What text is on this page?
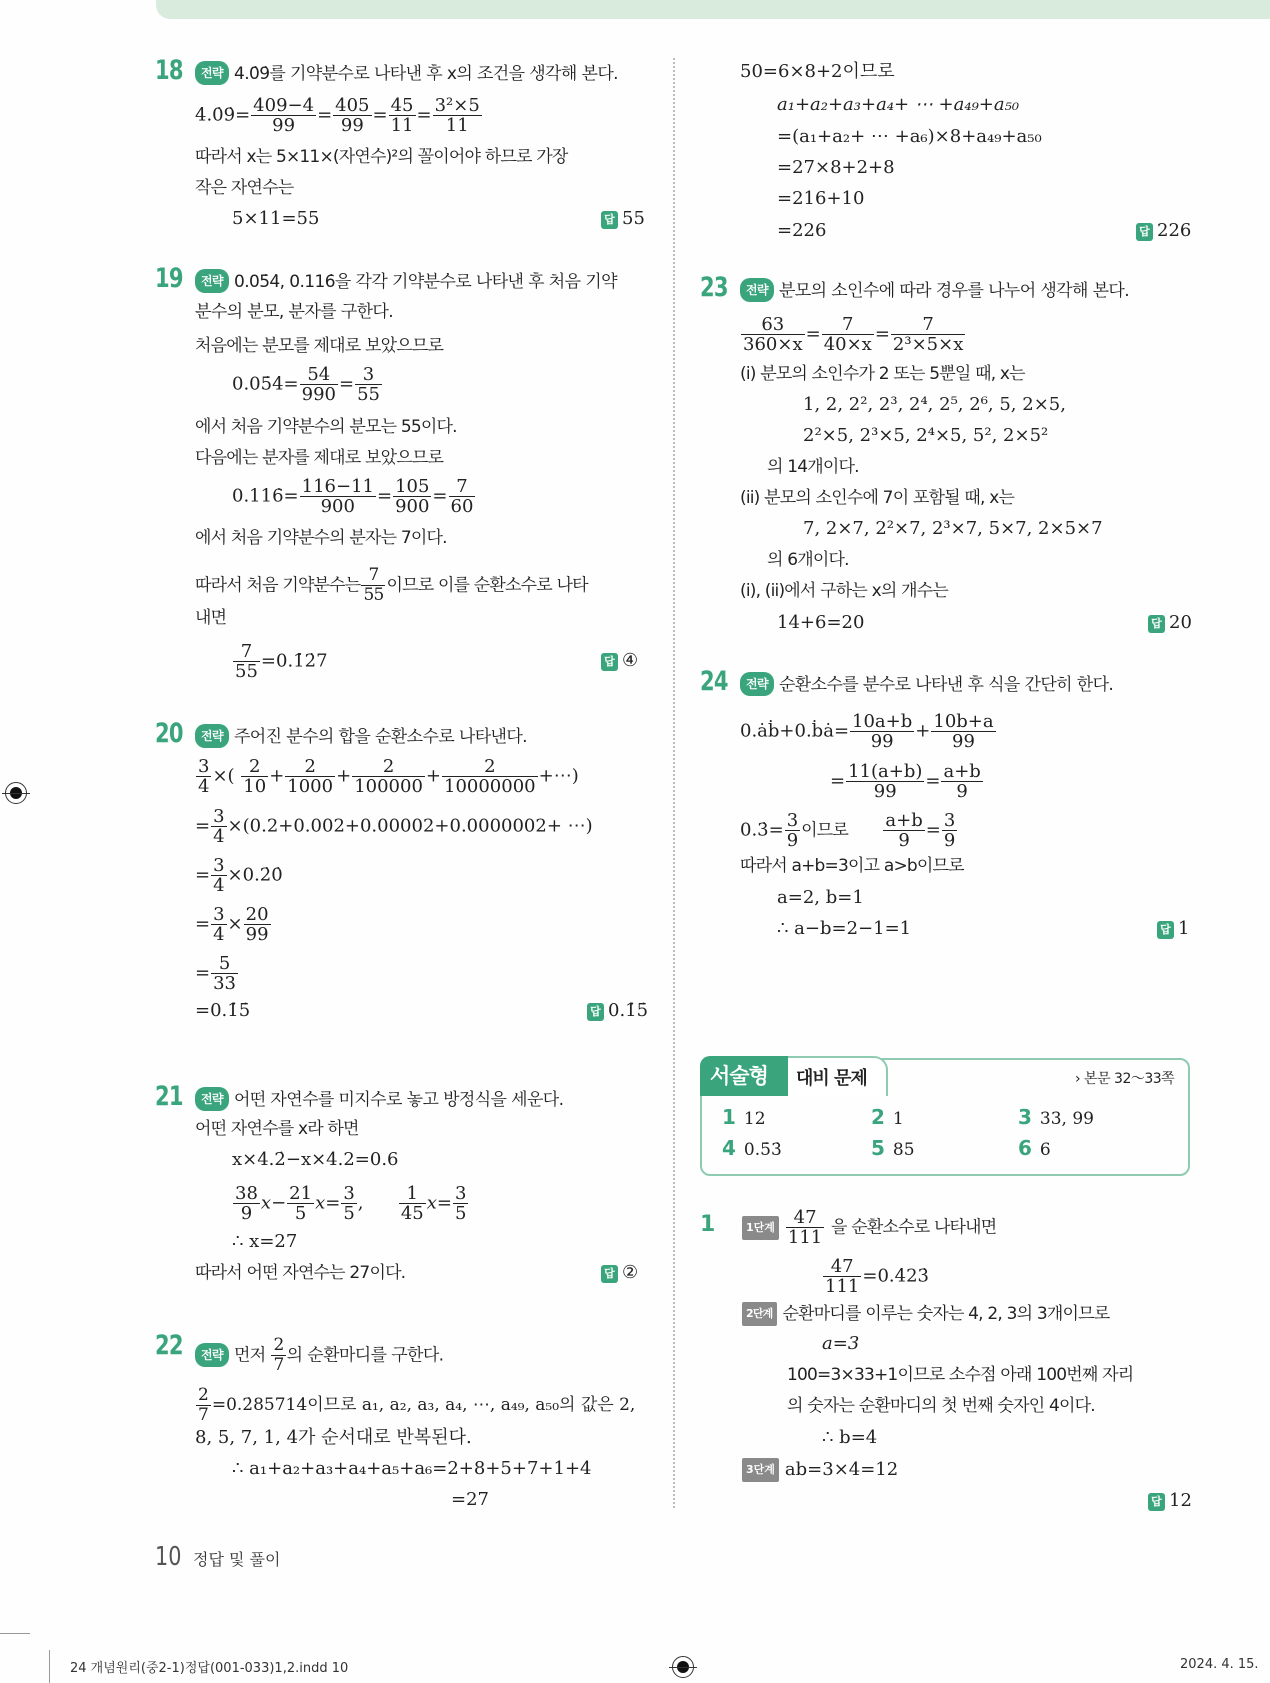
18	전략 4.0̇9̇를 기약분수로 나타낸 후 x의 조건을 생각해 본다.
4.0̇9̇= $\frac{409-4}{99} = \frac{405}{99} = \frac{45}{11} = \frac{\text{3²×5}}{11}$
따라서 x는 5×11×(자연수)²의 꼴이어야 하므로 가장
작은 자연수는
5×11=55	답 55
19	전략 0.05̇4̇, 0.116̇을 각각 기약분수로 나타낸 후 처음 기약
분수의 분모, 분자를 구한다.
처음에는 분모를 제대로 보았으므로
0.05̇4̇= $\frac{54}{990} = \frac{3}{55}$
에서 처음 기약분수의 분모는 55이다.
다음에는 분자를 제대로 보았으므로
0.116̇= $\frac{116-11}{900} = \frac{105}{900} = \frac{7}{60}$
에서 처음 기약분수의 분자는 7이다.
따라서 처음 기약분수는 $\frac{7}{55}$ 이므로 이를 순환소수로 나타
내면
$\frac{7}{55}$ =0.1̇2̇7	답 ④
20	전략 주어진 분수의 합을 순환소수로 나타낸다.
$\frac{3}{4}$ ×( $\frac{2}{10} + \frac{2}{1000} + \frac{2}{100000} + \frac{2}{10000000}$ +⋯)
= $\frac{3}{4} \times(0.2+0.002+0.00002+0.0000002+$ ⋯)
= $\frac{3}{4}$ ×0.2̇0̇
= $\frac{3}{4} \times \frac{20}{99}$
= $\frac{5}{33}$
=0.1̇5̇	답 0.1̇5̇
21	전략 어떤 자연수를 미지수로 놓고 방정식을 세운다.
어떤 자연수를 x라 하면
x×4.2̇−x×4.2=0.6
$\frac{38}{9} x- \frac{21}{5} x= \frac{3}{5}$ , $\frac{1}{45} x= \frac{3}{5}$
∴ x=27
따라서 어떤 자연수는 27이다.	답 ②
22	전략 먼저 $\frac{2}{7}$ 의 순환마디를 구한다.
$\frac{2}{7}$ =0.2̇85714̇이므로 a₁, a₂, a₃, a₄, ⋯, a₄₉, a₅₀의 값은 2,
8, 5, 7, 1, 4가 순서대로 반복된다.
∴ a₁+a₂+a₃+a₄+a₅+a₆=2+8+5+7+1+4
=27
50=6×8+2이므로
a₁+a₂+a₃+a₄+ ⋯ +a₄₉+a₅₀
=(a₁+a₂+ ⋯ +a₆)×8+a₄₉+a₅₀
=27×8+2+8
=216+10
=226	답 226
23	전략 분모의 소인수에 따라 경우를 나누어 생각해 본다.
$\frac{63}{360\times x} = \frac{7}{40\times x} = \frac{7}{\text{2³×5×x}}$
(i) 분모의 소인수가 2 또는 5뿐일 때, x는
1, 2, 2², 2³, 2⁴, 2⁵, 2⁶, 5, 2×5,
2²×5, 2³×5, 2⁴×5, 5², 2×5²
의 14개이다.
(ii) 분모의 소인수에 7이 포함될 때, x는
7, 2×7, 2²×7, 2³×7, 5×7, 2×5×7
의 6개이다.
(i), (ii)에서 구하는 x의 개수는
14+6=20	답 20
24	전략 순환소수를 분수로 나타낸 후 식을 간단히 한다.
0.ȧḃ+0.ḃȧ= $\frac{10a+b}{99} + \frac{10b+a}{99}$
= $\frac{11(a+b)}{99} = \frac{a+b}{9}$
0.3̇= $\frac{3}{9}$ 이므로 $\frac{a+b}{9} = \frac{3}{9}$
따라서 a+b=3이고 a>b이므로
a=2, b=1
∴ a−b=2−1=1	답 1
대비 문제
서술형	› 본문 32～33쪽
1 12	2 1	3 33, 99
4 0.5̇3̇	5 85	6 6
1	1단계 $\frac{47}{111}$ 을 순환소수로 나타내면
$\frac{47}{111}$ =0.4̇23̇
2단계 순환마디를 이루는 숫자는 4, 2, 3의 3개이므로
a=3
100=3×33+1이므로 소수점 아래 100번째 자리
의 숫자는 순환마디의 첫 번째 숫자인 4이다.
∴ b=4
3단계 ab=3×4=12
답 12
10 정답 및 풀이
24 개념원리(중2-1)정답(001-033)1,2.indd 10	2024. 4. 15.
